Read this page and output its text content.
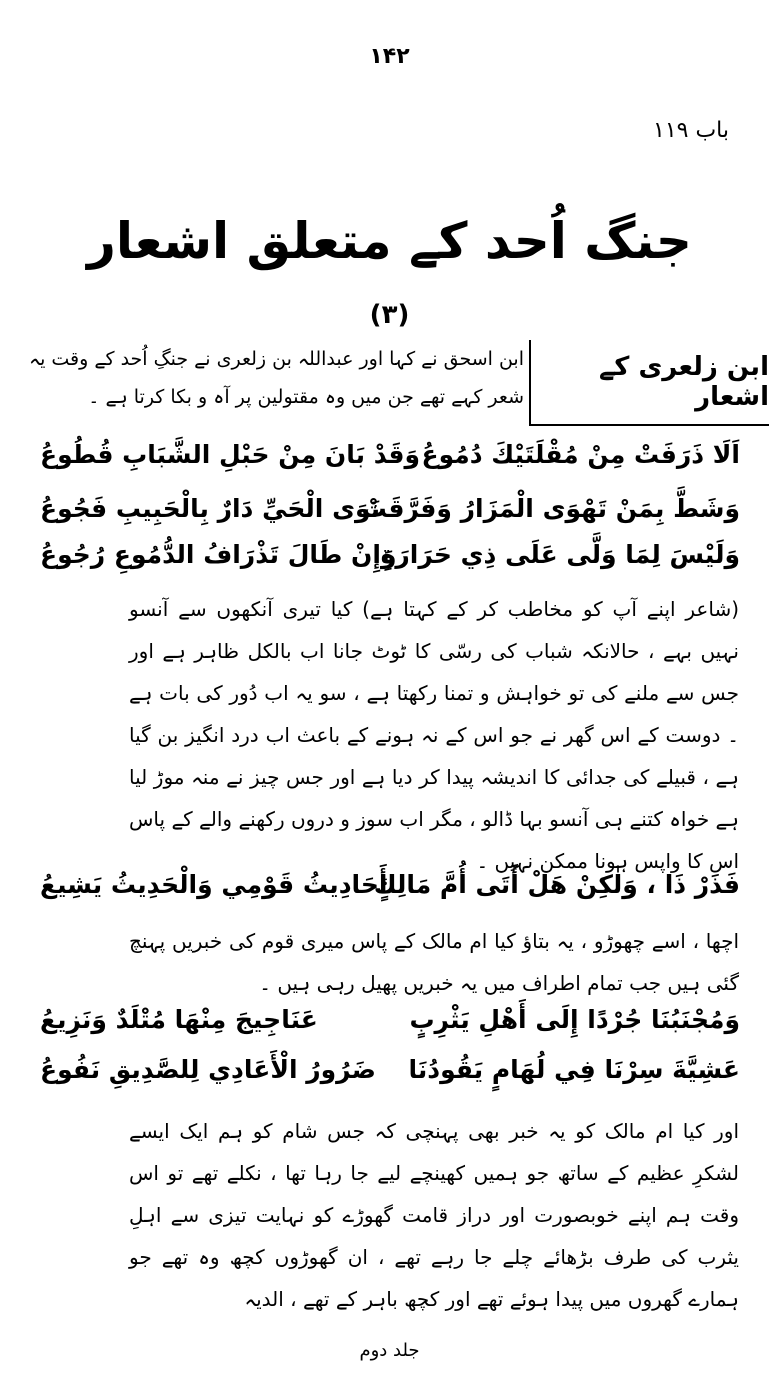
۱۴۲
باب ۱۱۹
جنگ اُحد کے متعلق اشعار
(۳)
ابن زلعری کے اشعار
ابن اسحق نے کہا اور عبداللہ بن زلعری نے جنگِ اُحد کے وقت یہ شعر کہے تھے جن میں وہ مقتولین پر آہ و بکا کرتا ہے ۔
اَلَا ذَرَفَتْ مِنْ مُقْلَتَيْكَ دُمُوعُ
وَقَدْ بَانَ مِنْ حَبْلِ الشَّبَابِ قُطُوعُ
وَشَطَّ بِمَنْ تَهْوَى الْمَزَارُ وَفَرَّقَتْ
نَوَى الْحَيِّ دَارٌ بِالْحَبِيبِ فَجُوعُ
وَلَيْسَ لِمَا وَلَّى عَلَى ذِي حَرَارَةٍ
وَإِنْ طَالَ تَذْرَافُ الدُّمُوعِ رُجُوعُ
(شاعر اپنے آپ کو مخاطب کر کے کہتا ہے) کیا تیری آنکھوں سے آنسو نہیں بہے ، حالانکہ شباب کی رسّی کا ٹوٹ جانا اب بالکل ظاہر ہے اور جس سے ملنے کی تو خواہش و تمنا رکھتا ہے ، سو یہ اب دُور کی بات ہے ۔ دوست کے اس گھر نے جو اس کے نہ ہونے کے باعث اب درد انگیز بن گیا ہے ، قبیلے کی جدائی کا اندیشہ پیدا کر دیا ہے اور جس چیز نے منہ موڑ لیا ہے خواہ کتنے ہی آنسو بہا ڈالو ، مگر اب سوز و دروں رکھنے والے کے پاس اس کا واپس ہونا ممکن نہیں ۔
فَذَرْ ذَا ، وَلٰكِنْ هَلْ أَتَى أُمَّ مَالِكٍ
أَحَادِيثُ قَوْمِي وَالْحَدِيثُ يَشِيعُ
اچھا ، اسے چھوڑو ، یہ بتاؤ کیا ام مالک کے پاس میری قوم کی خبریں پہنچ گئی ہیں جب تمام اطراف میں یہ خبریں پھیل رہی ہیں ۔
وَمُجْنَبُنَا جُرْدًا إِلَى أَهْلِ يَثْرِبٍ
عَنَاجِيجَ مِنْهَا مُتْلَدٌ وَنَزِيعُ
عَشِيَّةَ سِرْنَا فِي لُهَامٍ يَقُودُنَا
ضَرُورُ الْأَعَادِي لِلصَّدِيقِ نَفُوعُ
اور کیا ام مالک کو یہ خبر بھی پہنچی کہ جس شام کو ہم ایک ایسے لشکرِ عظیم کے ساتھ جو ہمیں کھینچے لیے جا رہا تھا ، نکلے تھے تو اس وقت ہم اپنے خوبصورت اور دراز قامت گھوڑے کو نہایت تیزی سے اہلِ یثرب کی طرف بڑھائے چلے جا رہے تھے ، ان گھوڑوں کچھ وہ تھے جو ہمارے گھروں میں پیدا ہوئے تھے اور کچھ باہر کے تھے ، الدیہ
جلد دوم
